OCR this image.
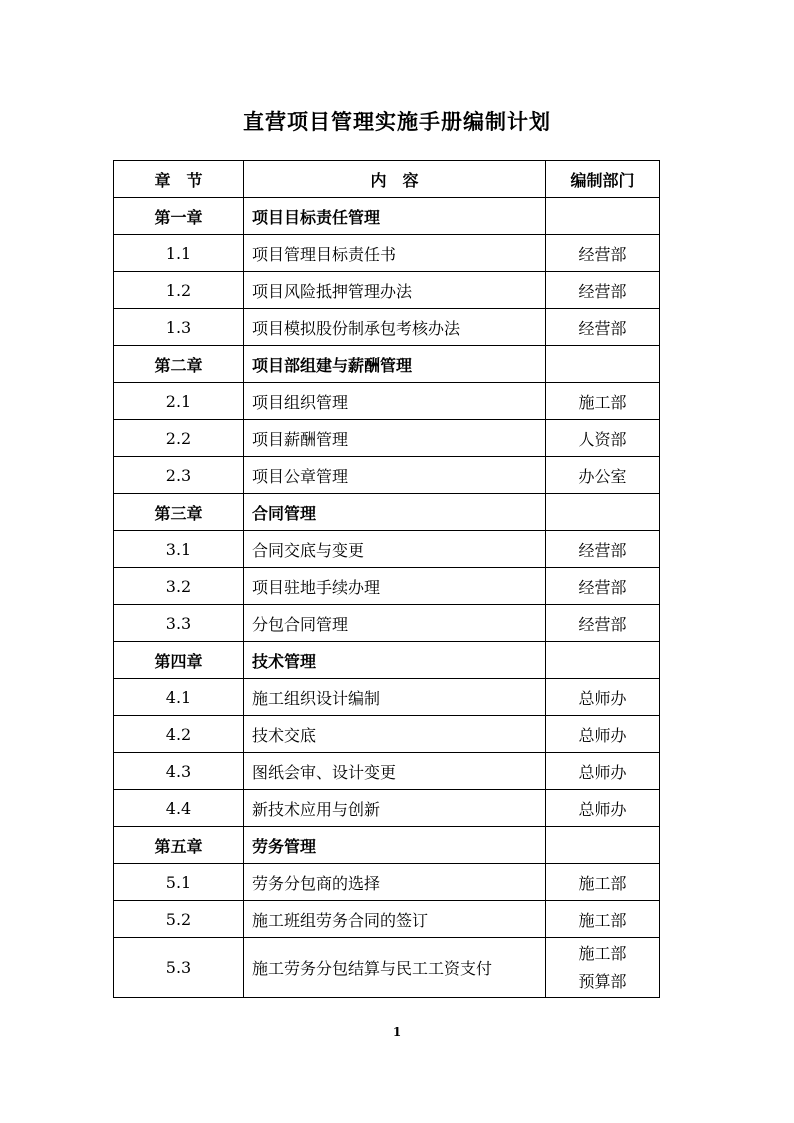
直营项目管理实施手册编制计划
章　节	内　容	编制部门
第一章	项目目标责任管理	
1.1	项目管理目标责任书	经营部
1.2	项目风险抵押管理办法	经营部
1.3	项目模拟股份制承包考核办法	经营部
第二章	项目部组建与薪酬管理	
2.1	项目组织管理	施工部
2.2	项目薪酬管理	人资部
2.3	项目公章管理	办公室
第三章	合同管理	
3.1	合同交底与变更	经营部
3.2	项目驻地手续办理	经营部
3.3	分包合同管理	经营部
第四章	技术管理	
4.1	施工组织设计编制	总师办
4.2	技术交底	总师办
4.3	图纸会审、设计变更	总师办
4.4	新技术应用与创新	总师办
第五章	劳务管理	
5.1	劳务分包商的选择	施工部
5.2	施工班组劳务合同的签订	施工部
5.3	施工劳务分包结算与民工工资支付	施工部
预算部
1
